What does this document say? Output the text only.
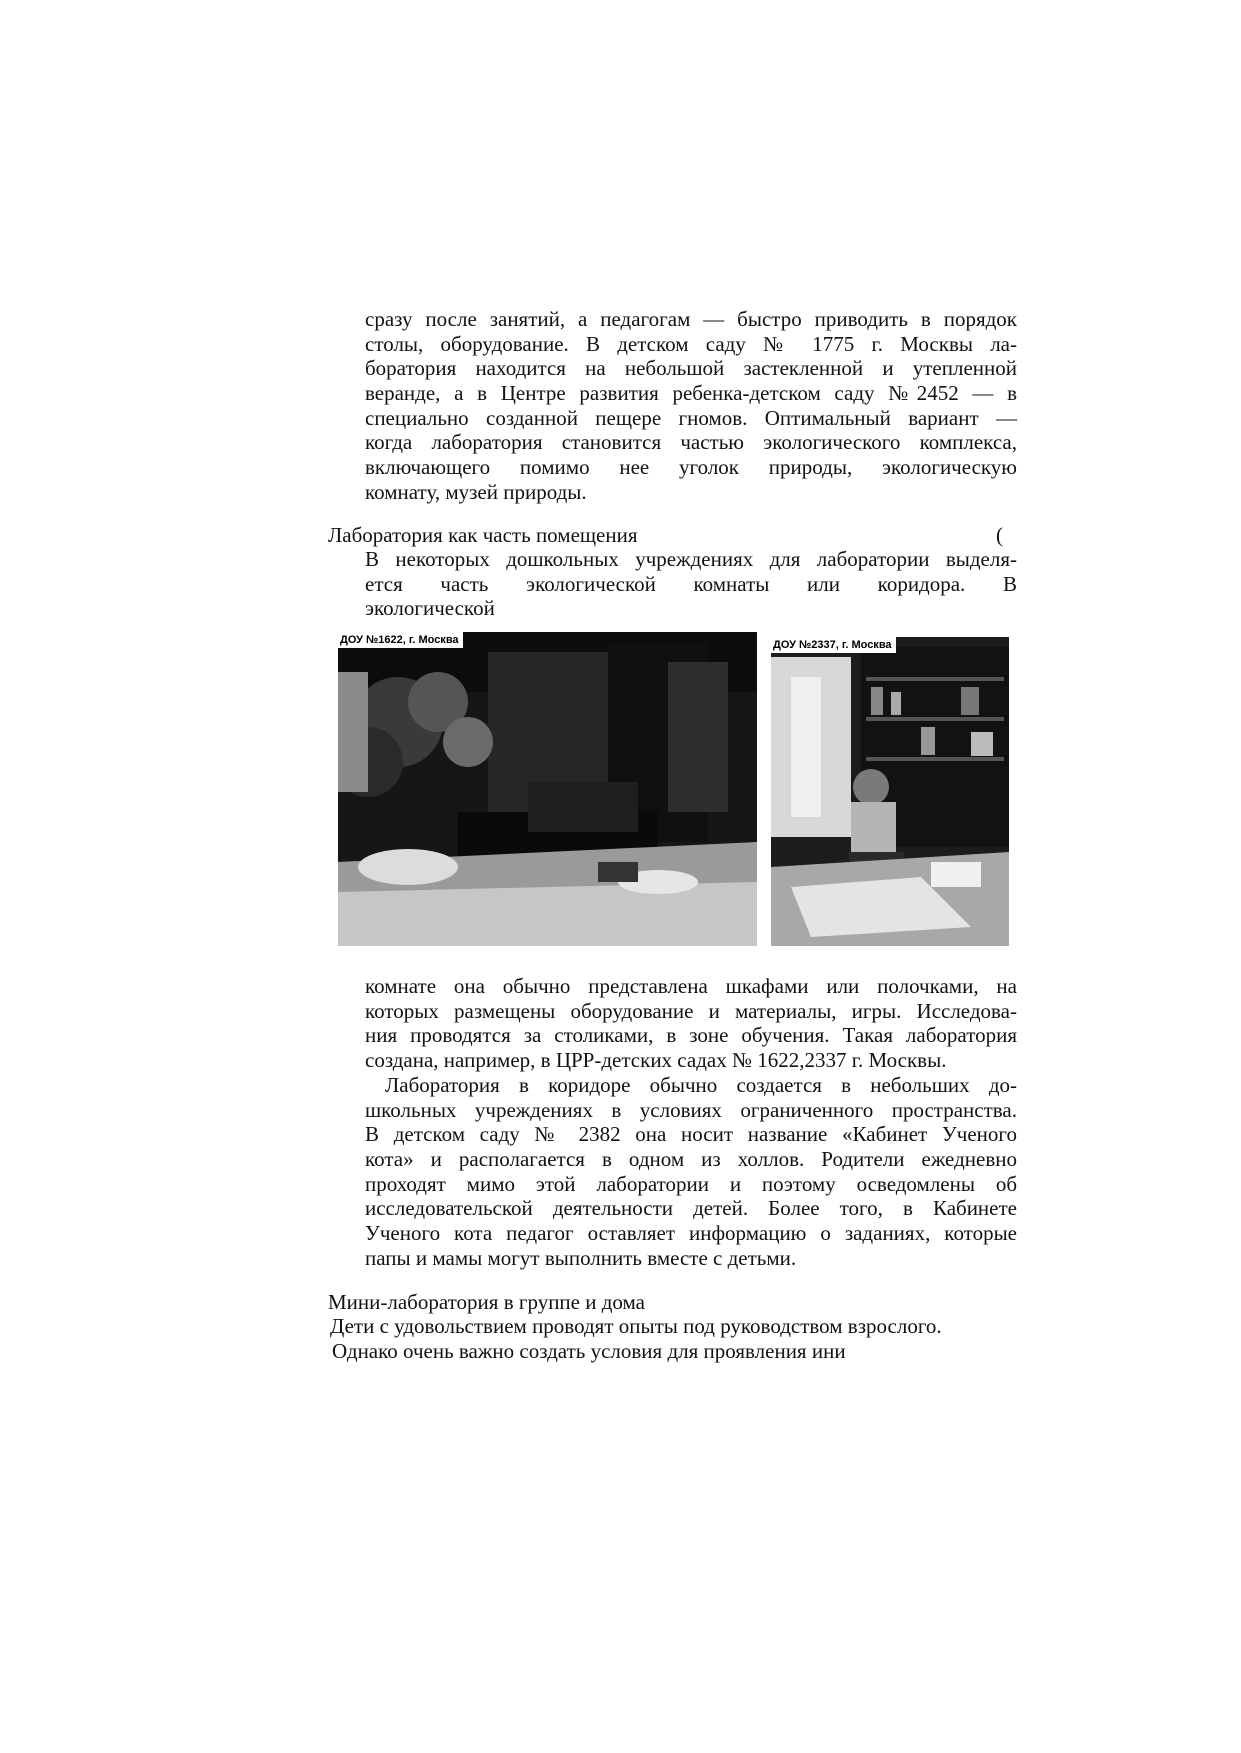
сразу после занятий, а педагогам — быстро приводить в порядок
столы, оборудование. В детском саду № 1775 г. Москвы ла-
боратория находится на небольшой застекленной и утепленной
веранде, а в Центре развития ребенка-детском саду №2452 — в
специально созданной пещере гномов. Оптимальный вариант —
когда лаборатория становится частью экологического комплекса,
включающего помимо нее уголок природы, экологическую
комнату, музей природы.
Лаборатория как часть помещения	(
В некоторых дошкольных учреждениях для лаборатории выделя-
ется часть экологической комнаты или коридора. В
экологической
ДОУ №1622, г. Москва	ДОУ №2337, г. Москва
комнате она обычно представлена шкафами или полочками, на
которых размещены оборудование и материалы, игры. Исследова-
ния проводятся за столиками, в зоне обучения. Такая лаборатория
создана, например, в ЦРР-детских садах № 1622,2337 г. Москвы.
Лаборатория в коридоре обычно создается в небольших до-
школьных учреждениях в условиях ограниченного пространства.
В детском саду № 2382 она носит название «Кабинет Ученого
кота» и располагается в одном из холлов. Родители ежедневно
проходят мимо этой лаборатории и поэтому осведомлены об
исследовательской деятельности детей. Более того, в Кабинете
Ученого кота педагог оставляет информацию о заданиях, которые
папы и мамы могут выполнить вместе с детьми.
Мини-лаборатория в группе и дома
Дети с удовольствием проводят опыты под руководством взрослого.
Однако очень важно создать условия для проявления ини
